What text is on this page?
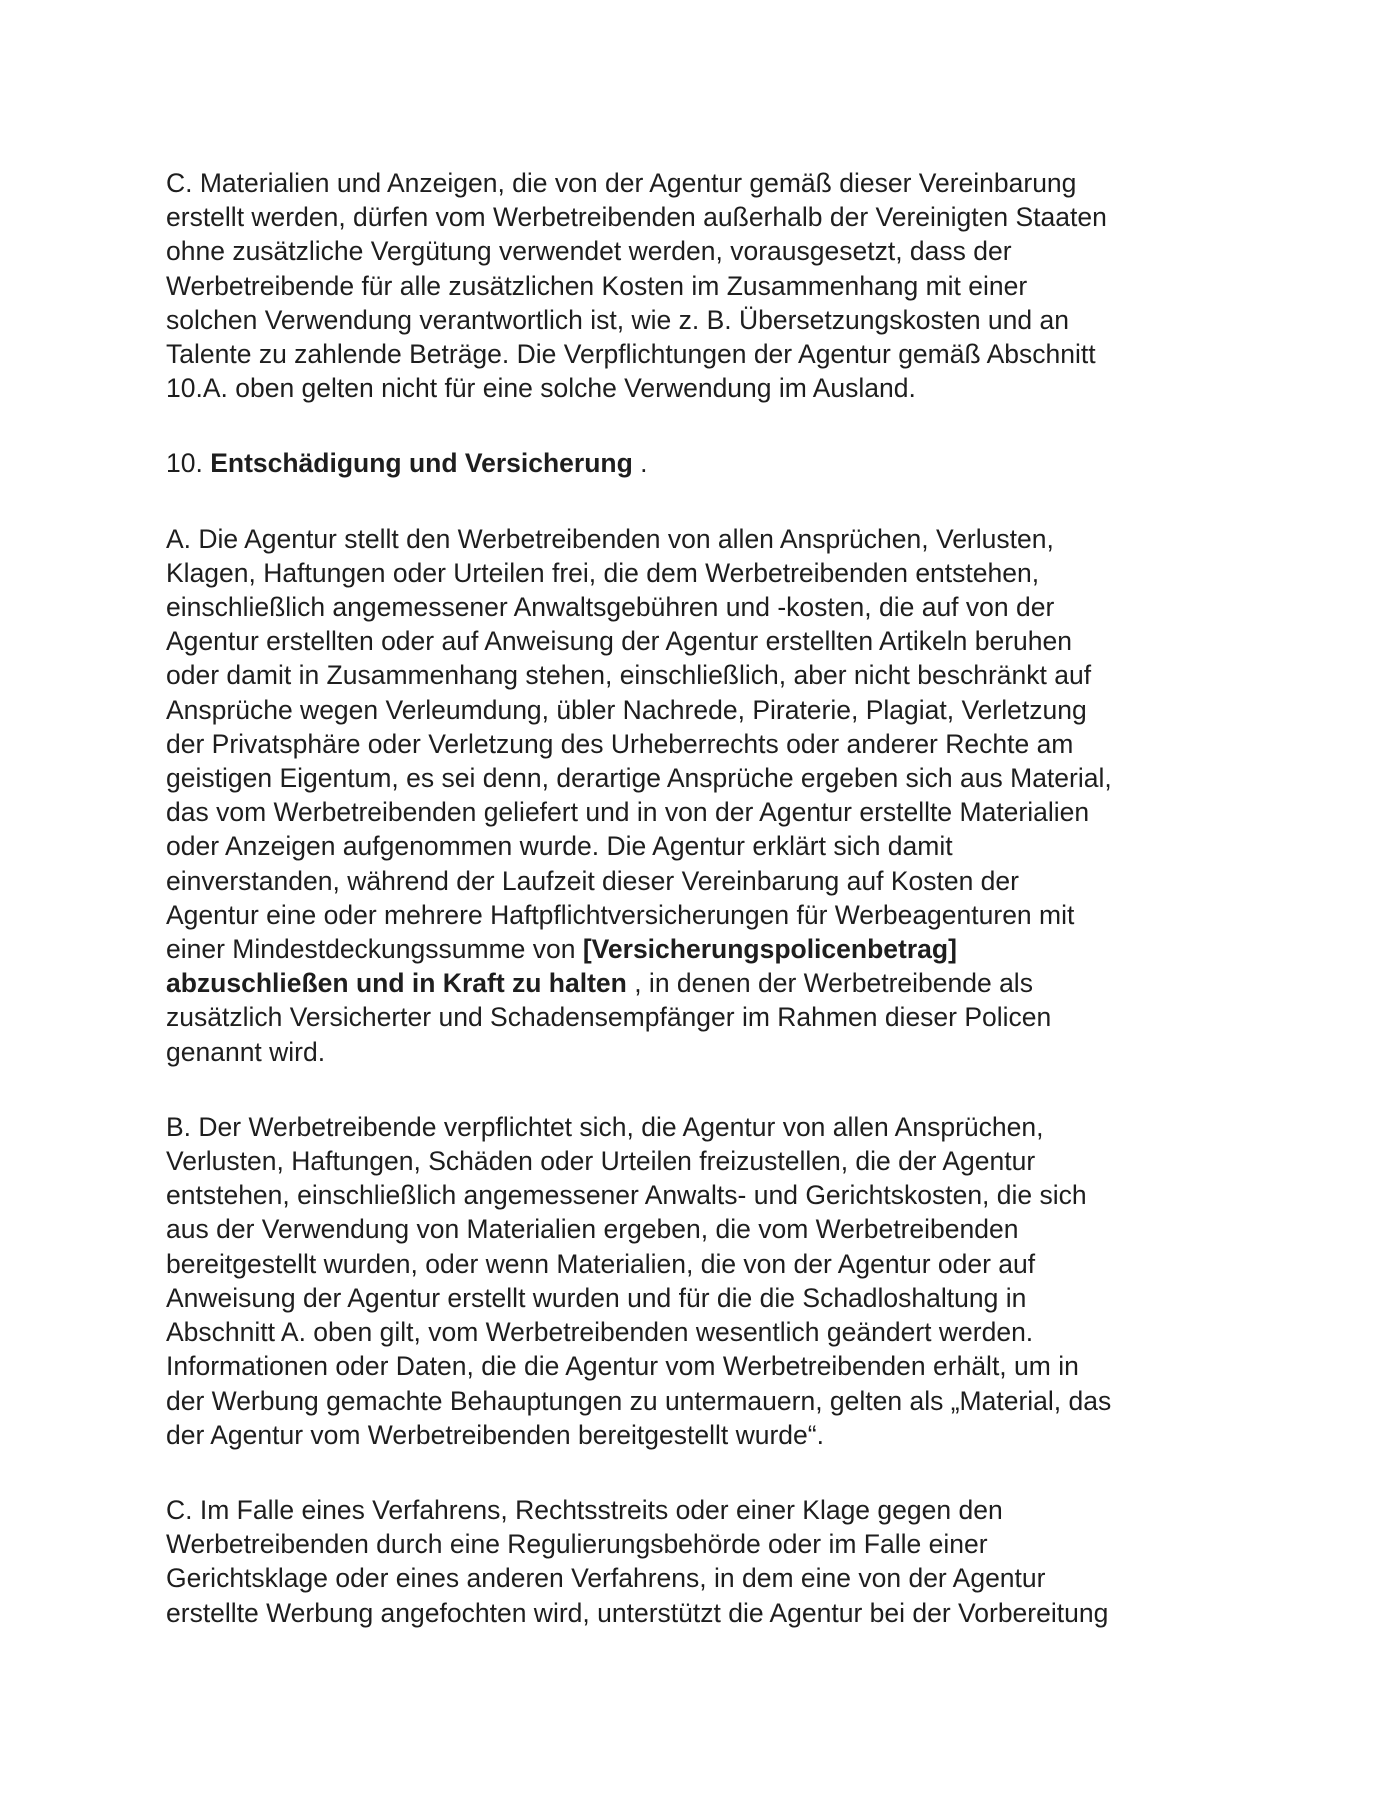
C. Materialien und Anzeigen, die von der Agentur gemäß dieser Vereinbarung
erstellt werden, dürfen vom Werbetreibenden außerhalb der Vereinigten Staaten
ohne zusätzliche Vergütung verwendet werden, vorausgesetzt, dass der
Werbetreibende für alle zusätzlichen Kosten im Zusammenhang mit einer
solchen Verwendung verantwortlich ist, wie z. B. Übersetzungskosten und an
Talente zu zahlende Beträge. Die Verpflichtungen der Agentur gemäß Abschnitt
10.A. oben gelten nicht für eine solche Verwendung im Ausland.

10. Entschädigung und Versicherung .

A. Die Agentur stellt den Werbetreibenden von allen Ansprüchen, Verlusten,
Klagen, Haftungen oder Urteilen frei, die dem Werbetreibenden entstehen,
einschließlich angemessener Anwaltsgebühren und -kosten, die auf von der
Agentur erstellten oder auf Anweisung der Agentur erstellten Artikeln beruhen
oder damit in Zusammenhang stehen, einschließlich, aber nicht beschränkt auf
Ansprüche wegen Verleumdung, übler Nachrede, Piraterie, Plagiat, Verletzung
der Privatsphäre oder Verletzung des Urheberrechts oder anderer Rechte am
geistigen Eigentum, es sei denn, derartige Ansprüche ergeben sich aus Material,
das vom Werbetreibenden geliefert und in von der Agentur erstellte Materialien
oder Anzeigen aufgenommen wurde. Die Agentur erklärt sich damit
einverstanden, während der Laufzeit dieser Vereinbarung auf Kosten der
Agentur eine oder mehrere Haftpflichtversicherungen für Werbeagenturen mit
einer Mindestdeckungssumme von [Versicherungspolicenbetrag]
abzuschließen und in Kraft zu halten , in denen der Werbetreibende als
zusätzlich Versicherter und Schadensempfänger im Rahmen dieser Policen
genannt wird.

B. Der Werbetreibende verpflichtet sich, die Agentur von allen Ansprüchen,
Verlusten, Haftungen, Schäden oder Urteilen freizustellen, die der Agentur
entstehen, einschließlich angemessener Anwalts- und Gerichtskosten, die sich
aus der Verwendung von Materialien ergeben, die vom Werbetreibenden
bereitgestellt wurden, oder wenn Materialien, die von der Agentur oder auf
Anweisung der Agentur erstellt wurden und für die die Schadloshaltung in
Abschnitt A. oben gilt, vom Werbetreibenden wesentlich geändert werden.
Informationen oder Daten, die die Agentur vom Werbetreibenden erhält, um in
der Werbung gemachte Behauptungen zu untermauern, gelten als „Material, das
der Agentur vom Werbetreibenden bereitgestellt wurde“.

C. Im Falle eines Verfahrens, Rechtsstreits oder einer Klage gegen den
Werbetreibenden durch eine Regulierungsbehörde oder im Falle einer
Gerichtsklage oder eines anderen Verfahrens, in dem eine von der Agentur
erstellte Werbung angefochten wird, unterstützt die Agentur bei der Vorbereitung
